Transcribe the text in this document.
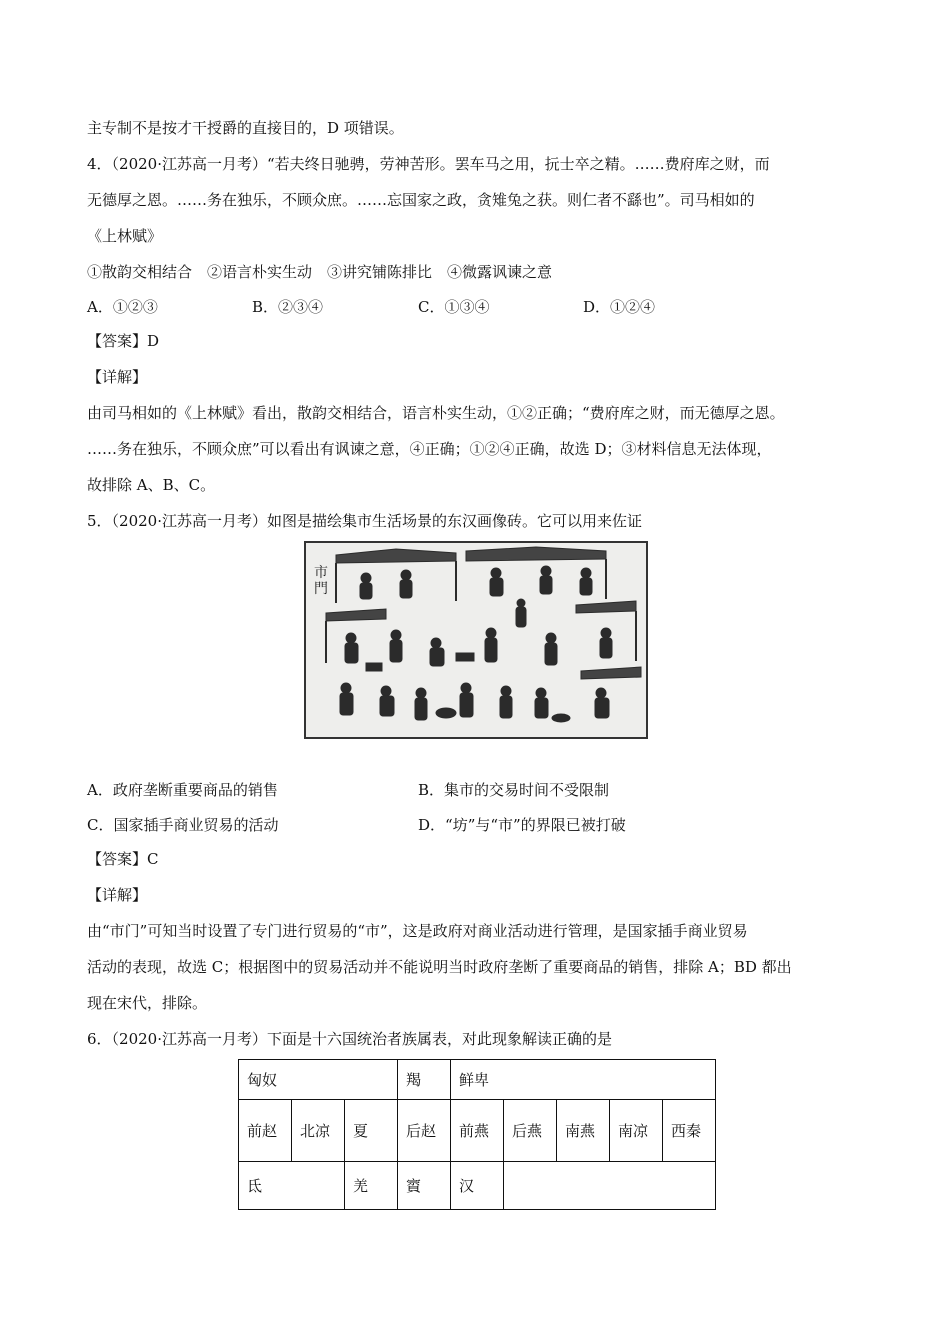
主专制不是按才干授爵的直接目的，D 项错误。
4．（2020·江苏高一月考）“若夫终日驰骋，劳神苦形。罢车马之用，抏士卒之精。……费府库之财，而
无德厚之恩。……务在独乐，不顾众庶。……忘国家之政，贪雉兔之获。则仁者不繇也”。司马相如的
《上林赋》
①散韵交相结合　②语言朴实生动　③讲究铺陈排比　④微露讽谏之意
A．①②③	B．②③④	C．①③④	D．①②④
【答案】D
【详解】
由司马相如的《上林赋》看出，散韵交相结合，语言朴实生动，①②正确；“费府库之财，而无德厚之恩。
……务在独乐，不顾众庶”可以看出有讽谏之意，④正确；①②④正确，故选 D；③材料信息无法体现，
故排除 A、B、C。
5．（2020·江苏高一月考）如图是描绘集市生活场景的东汉画像砖。它可以用来佐证
市門
A．政府垄断重要商品的销售	B．集市的交易时间不受限制
C．国家插手商业贸易的活动	D．“坊”与“市”的界限已被打破
【答案】C
【详解】
由“市门”可知当时设置了专门进行贸易的“市”，这是政府对商业活动进行管理，是国家插手商业贸易
活动的表现，故选 C；根据图中的贸易活动并不能说明当时政府垄断了重要商品的销售，排除 A；BD 都出
现在宋代，排除。
6．（2020·江苏高一月考）下面是十六国统治者族属表，对此现象解读正确的是
匈奴			羯	鲜卑				
前赵	北凉	夏	后赵	前燕	后燕	南燕	南凉	西秦
氐		羌	賨	汉				
